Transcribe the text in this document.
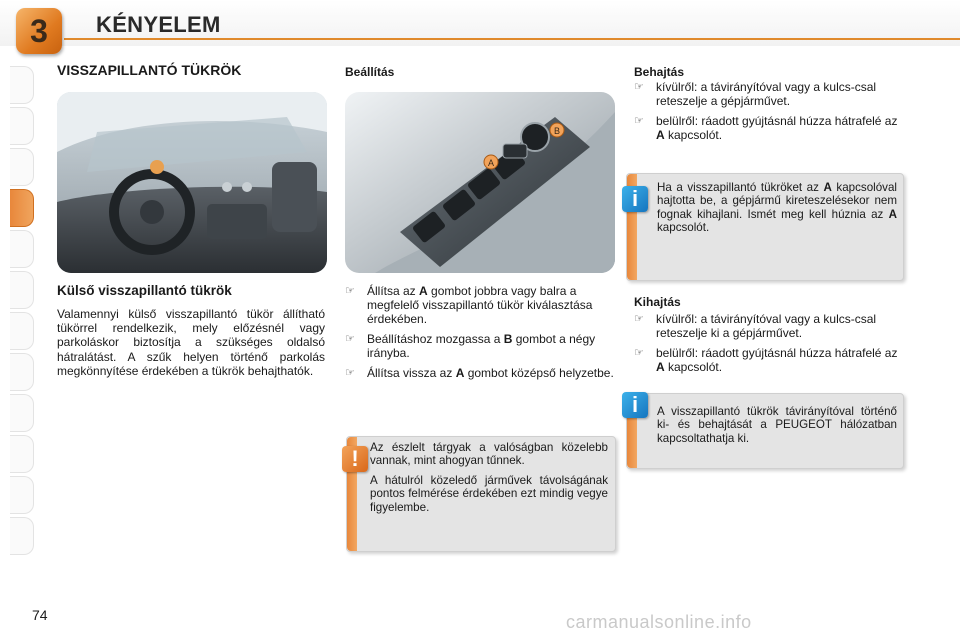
3	KÉNYELEM
VISSZAPILLANTÓ TÜKRÖK
Külső visszapillantó tükrök
Valamennyi külső visszapillantó tükör állítható tükörrel rendelkezik, mely előzésnél vagy parkoláskor biztosítja a szükséges oldalsó hátralátást. A szűk helyen történő parkolás megkönnyítése érdekében a tükrök behajthatók.
Beállítás
A
B
☞ Állítsa az A gombot jobbra vagy balra a megfelelő visszapillantó tükör kiválasztása érdekében.
☞ Beállításhoz mozgassa a B gombot a négy irányba.
☞ Állítsa vissza az A gombot középső helyzetbe.
! Az észlelt tárgyak a valóságban közelebb vannak, mint ahogyan tűnnek.
A hátulról közeledő járművek távolságának pontos felmérése érdekében ezt mindig vegye figyelembe.
Behajtás
☞ kívülről: a távirányítóval vagy a kulcs-csal reteszelje a gépjárművet.
☞ belülről: ráadott gyújtásnál húzza hátrafelé az A kapcsolót.
i	Ha a visszapillantó tükröket az A kapcsolóval hajtotta be, a gépjármű kireteszelésekor nem fognak kihajlani. Ismét meg kell húznia az A kapcsolót.
Kihajtás
☞ kívülről: a távirányítóval vagy a kulcs-csal reteszelje ki a gépjárművet.
☞ belülről: ráadott gyújtásnál húzza hátrafelé az A kapcsolót.
i	A visszapillantó tükrök távirányítóval történő ki- és behajtását a PEUGEOT hálózatban kapcsoltathatja ki.
74	carmanualsonline.info
